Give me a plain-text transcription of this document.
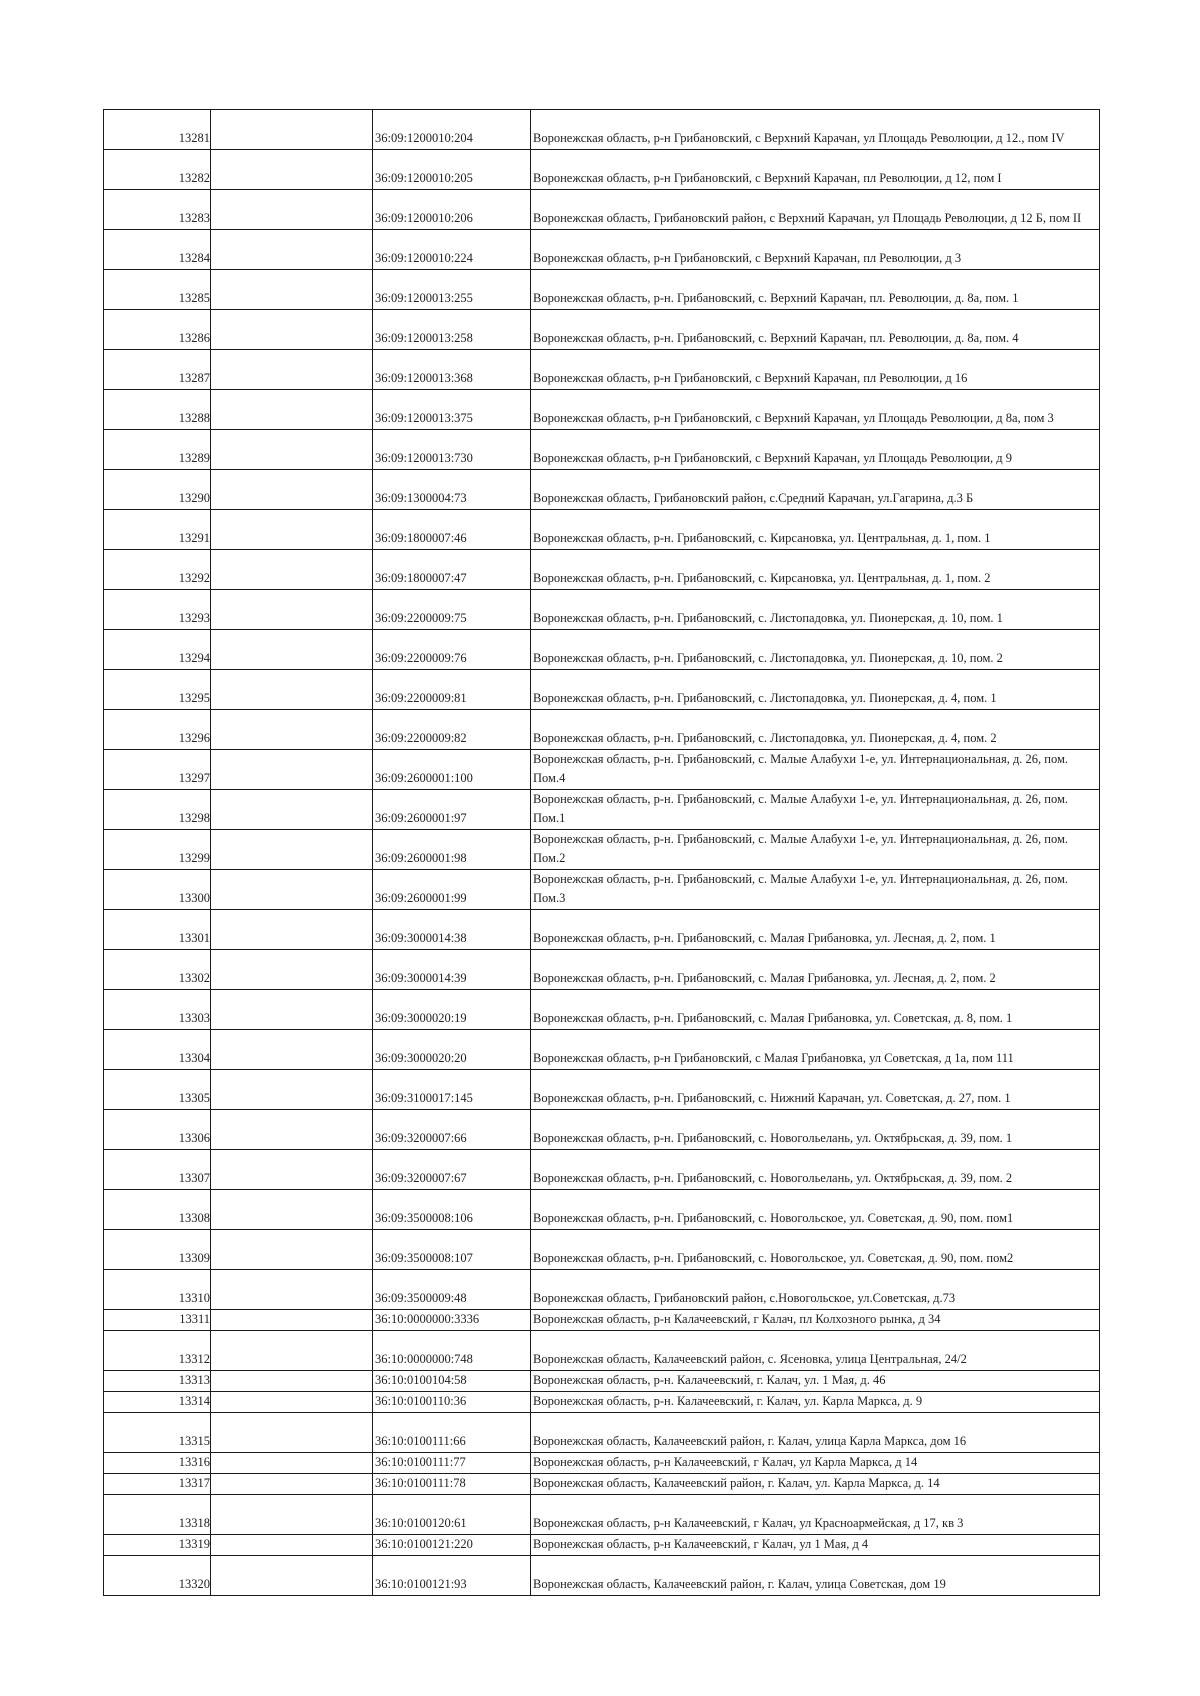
13281		36:09:1200010:204	Воронежская область, р-н Грибановский, с Верхний Карачан, ул Площадь Революции, д 12., пом IV
13282		36:09:1200010:205	Воронежская область, р-н Грибановский, с Верхний Карачан, пл Революции, д 12, пом I
13283		36:09:1200010:206	Воронежская область, Грибановский район, с Верхний Карачан, ул Площадь Революции, д 12 Б, пом II
13284		36:09:1200010:224	Воронежская область, р-н Грибановский, с Верхний Карачан, пл Революции, д 3
13285		36:09:1200013:255	Воронежская область, р-н. Грибановский, с. Верхний Карачан, пл. Революции, д. 8а, пом. 1
13286		36:09:1200013:258	Воронежская область, р-н. Грибановский, с. Верхний Карачан, пл. Революции, д. 8а, пом. 4
13287		36:09:1200013:368	Воронежская область, р-н Грибановский, с Верхний Карачан, пл Революции, д 16
13288		36:09:1200013:375	Воронежская область, р-н Грибановский, с Верхний Карачан, ул Площадь Революции, д 8а, пом 3
13289		36:09:1200013:730	Воронежская область, р-н Грибановский, с Верхний Карачан, ул Площадь Революции, д 9
13290		36:09:1300004:73	Воронежская область, Грибановский район, с.Средний Карачан, ул.Гагарина, д.3 Б
13291		36:09:1800007:46	Воронежская область, р-н. Грибановский, с. Кирсановка, ул. Центральная, д. 1, пом. 1
13292		36:09:1800007:47	Воронежская область, р-н. Грибановский, с. Кирсановка, ул. Центральная, д. 1, пом. 2
13293		36:09:2200009:75	Воронежская область, р-н. Грибановский, с. Листопадовка, ул. Пионерская, д. 10, пом. 1
13294		36:09:2200009:76	Воронежская область, р-н. Грибановский, с. Листопадовка, ул. Пионерская, д. 10, пом. 2
13295		36:09:2200009:81	Воронежская область, р-н. Грибановский, с. Листопадовка, ул. Пионерская, д. 4, пом. 1
13296		36:09:2200009:82	Воронежская область, р-н. Грибановский, с. Листопадовка, ул. Пионерская, д. 4, пом. 2
13297		36:09:2600001:100	Воронежская область, р-н. Грибановский, с. Малые Алабухи 1-е, ул. Интернациональная, д. 26, пом. Пом.4
13298		36:09:2600001:97	Воронежская область, р-н. Грибановский, с. Малые Алабухи 1-е, ул. Интернациональная, д. 26, пом. Пом.1
13299		36:09:2600001:98	Воронежская область, р-н. Грибановский, с. Малые Алабухи 1-е, ул. Интернациональная, д. 26, пом. Пом.2
13300		36:09:2600001:99	Воронежская область, р-н. Грибановский, с. Малые Алабухи 1-е, ул. Интернациональная, д. 26, пом. Пом.3
13301		36:09:3000014:38	Воронежская область, р-н. Грибановский, с. Малая Грибановка, ул. Лесная, д. 2, пом. 1
13302		36:09:3000014:39	Воронежская область, р-н. Грибановский, с. Малая Грибановка, ул. Лесная, д. 2, пом. 2
13303		36:09:3000020:19	Воронежская область, р-н. Грибановский, с. Малая Грибановка, ул. Советская, д. 8, пом. 1
13304		36:09:3000020:20	Воронежская область, р-н Грибановский, с Малая Грибановка, ул Советская, д 1а, пом 111
13305		36:09:3100017:145	Воронежская область, р-н. Грибановский, с. Нижний Карачан, ул. Советская, д. 27, пом. 1
13306		36:09:3200007:66	Воронежская область, р-н. Грибановский, с. Новогольелань, ул. Октябрьская, д. 39, пом. 1
13307		36:09:3200007:67	Воронежская область, р-н. Грибановский, с. Новогольелань, ул. Октябрьская, д. 39, пом. 2
13308		36:09:3500008:106	Воронежская область, р-н. Грибановский, с. Новогольское, ул. Советская, д. 90, пом. пом1
13309		36:09:3500008:107	Воронежская область, р-н. Грибановский, с. Новогольское, ул. Советская, д. 90, пом. пом2
13310		36:09:3500009:48	Воронежская область, Грибановский район, с.Новогольское, ул.Советская, д.73
13311		36:10:0000000:3336	Воронежская область, р-н Калачеевский, г Калач, пл Колхозного рынка, д 34
13312		36:10:0000000:748	Воронежская область, Калачеевский район, с. Ясеновка, улица Центральная, 24/2
13313		36:10:0100104:58	Воронежская область, р-н. Калачеевский, г. Калач, ул. 1 Мая, д. 46
13314		36:10:0100110:36	Воронежская область, р-н. Калачеевский, г. Калач, ул. Карла Маркса, д. 9
13315		36:10:0100111:66	Воронежская область, Калачеевский район, г. Калач, улица Карла Маркса, дом 16
13316		36:10:0100111:77	Воронежская область, р-н Калачеевский, г Калач, ул Карла Маркса, д 14
13317		36:10:0100111:78	Воронежская область, Калачеевский район, г. Калач, ул. Карла Маркса, д. 14
13318		36:10:0100120:61	Воронежская область, р-н Калачеевский, г Калач, ул Красноармейская, д 17, кв 3
13319		36:10:0100121:220	Воронежская область, р-н Калачеевский, г Калач, ул 1 Мая, д 4
13320		36:10:0100121:93	Воронежская область, Калачеевский район, г. Калач, улица Советская, дом 19
